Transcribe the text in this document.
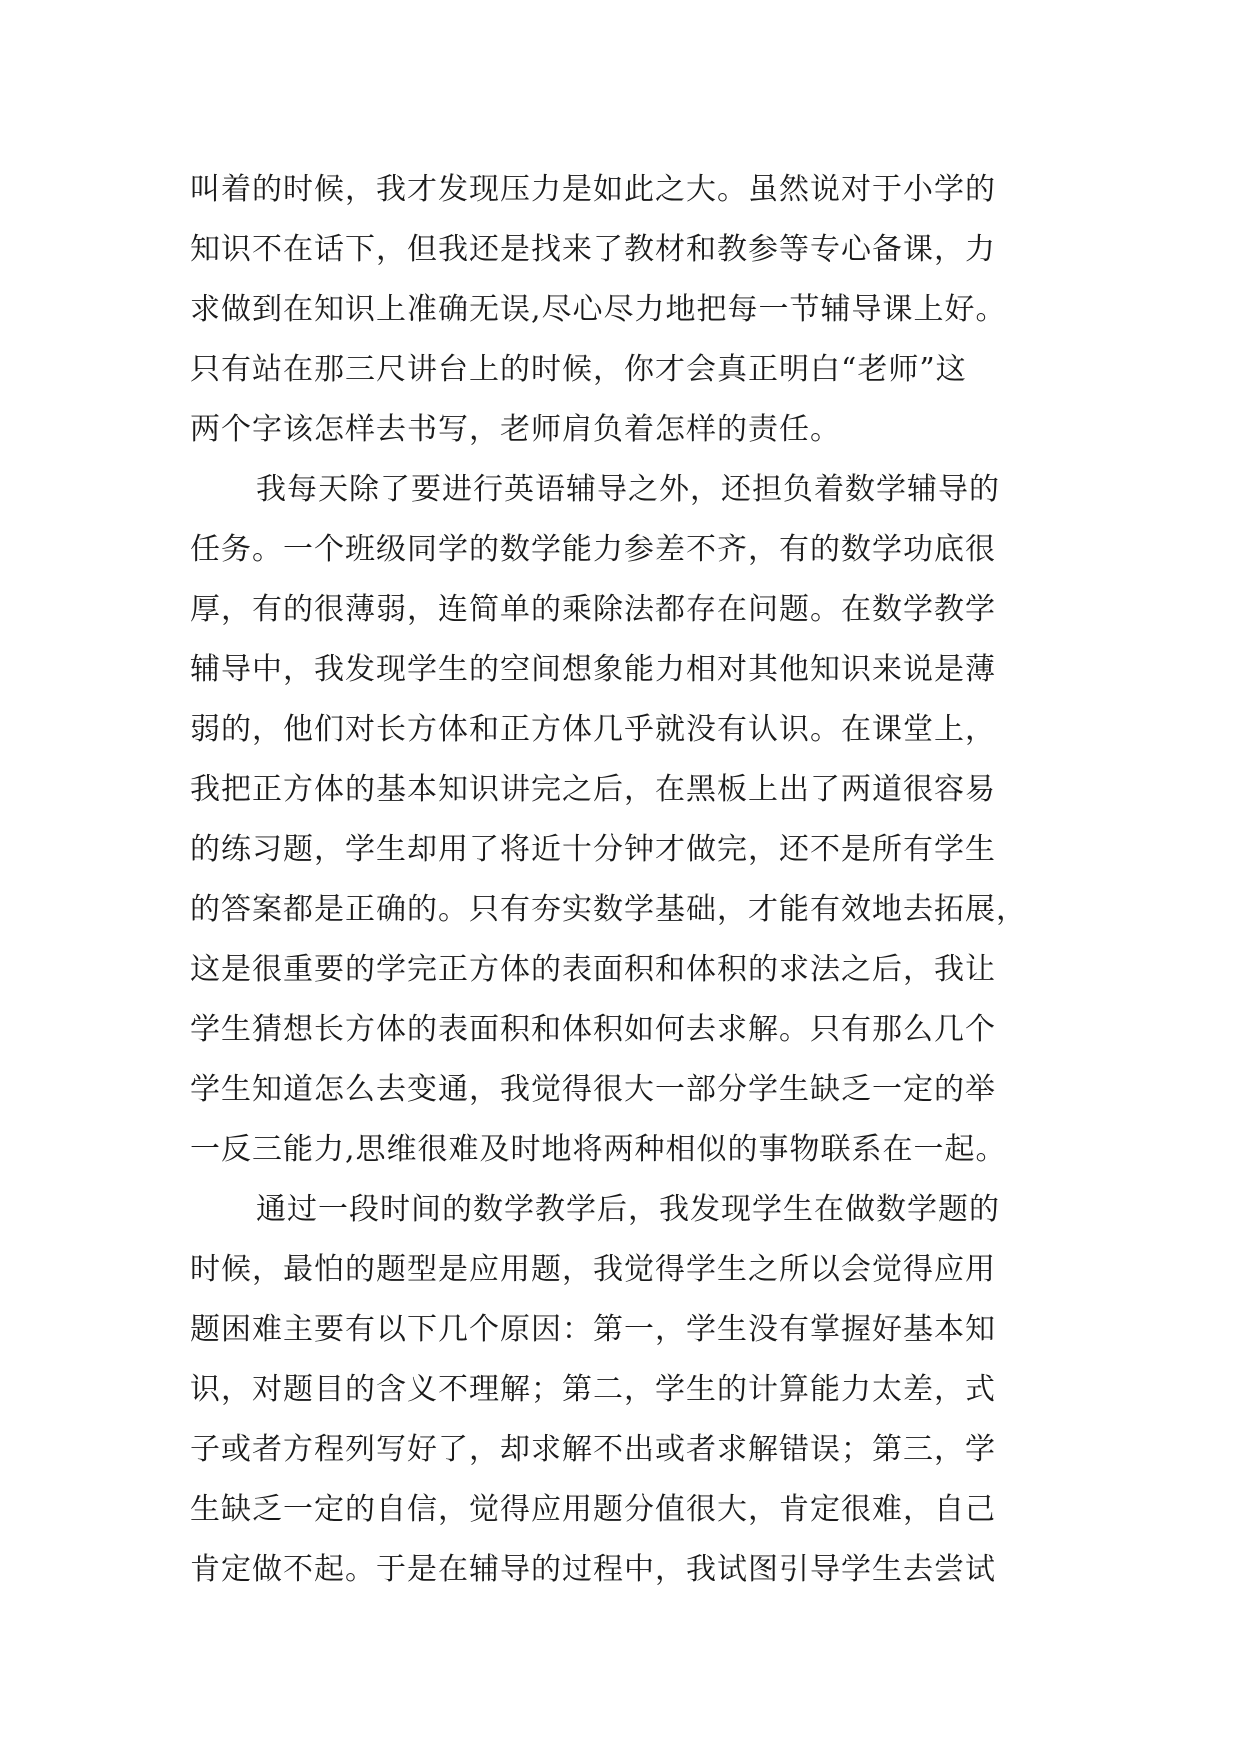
叫着的时候，我才发现压力是如此之大。虽然说对于小学的
知识不在话下，但我还是找来了教材和教参等专心备课，力
求做到在知识上准确无误,尽心尽力地把每一节辅导课上好。
只有站在那三尺讲台上的时候，你才会真正明白“老师”这
两个字该怎样去书写，老师肩负着怎样的责任。
我每天除了要进行英语辅导之外，还担负着数学辅导的
任务。一个班级同学的数学能力参差不齐，有的数学功底很
厚，有的很薄弱，连简单的乘除法都存在问题。在数学教学
辅导中，我发现学生的空间想象能力相对其他知识来说是薄
弱的，他们对长方体和正方体几乎就没有认识。在课堂上，
我把正方体的基本知识讲完之后，在黑板上出了两道很容易
的练习题，学生却用了将近十分钟才做完，还不是所有学生
的答案都是正确的。只有夯实数学基础，才能有效地去拓展，
这是很重要的学完正方体的表面积和体积的求法之后，我让
学生猜想长方体的表面积和体积如何去求解。只有那么几个
学生知道怎么去变通，我觉得很大一部分学生缺乏一定的举
一反三能力,思维很难及时地将两种相似的事物联系在一起。
通过一段时间的数学教学后，我发现学生在做数学题的
时候，最怕的题型是应用题，我觉得学生之所以会觉得应用
题困难主要有以下几个原因：第一，学生没有掌握好基本知
识，对题目的含义不理解；第二，学生的计算能力太差，式
子或者方程列写好了，却求解不出或者求解错误；第三，学
生缺乏一定的自信，觉得应用题分值很大，肯定很难，自己
肯定做不起。于是在辅导的过程中，我试图引导学生去尝试
